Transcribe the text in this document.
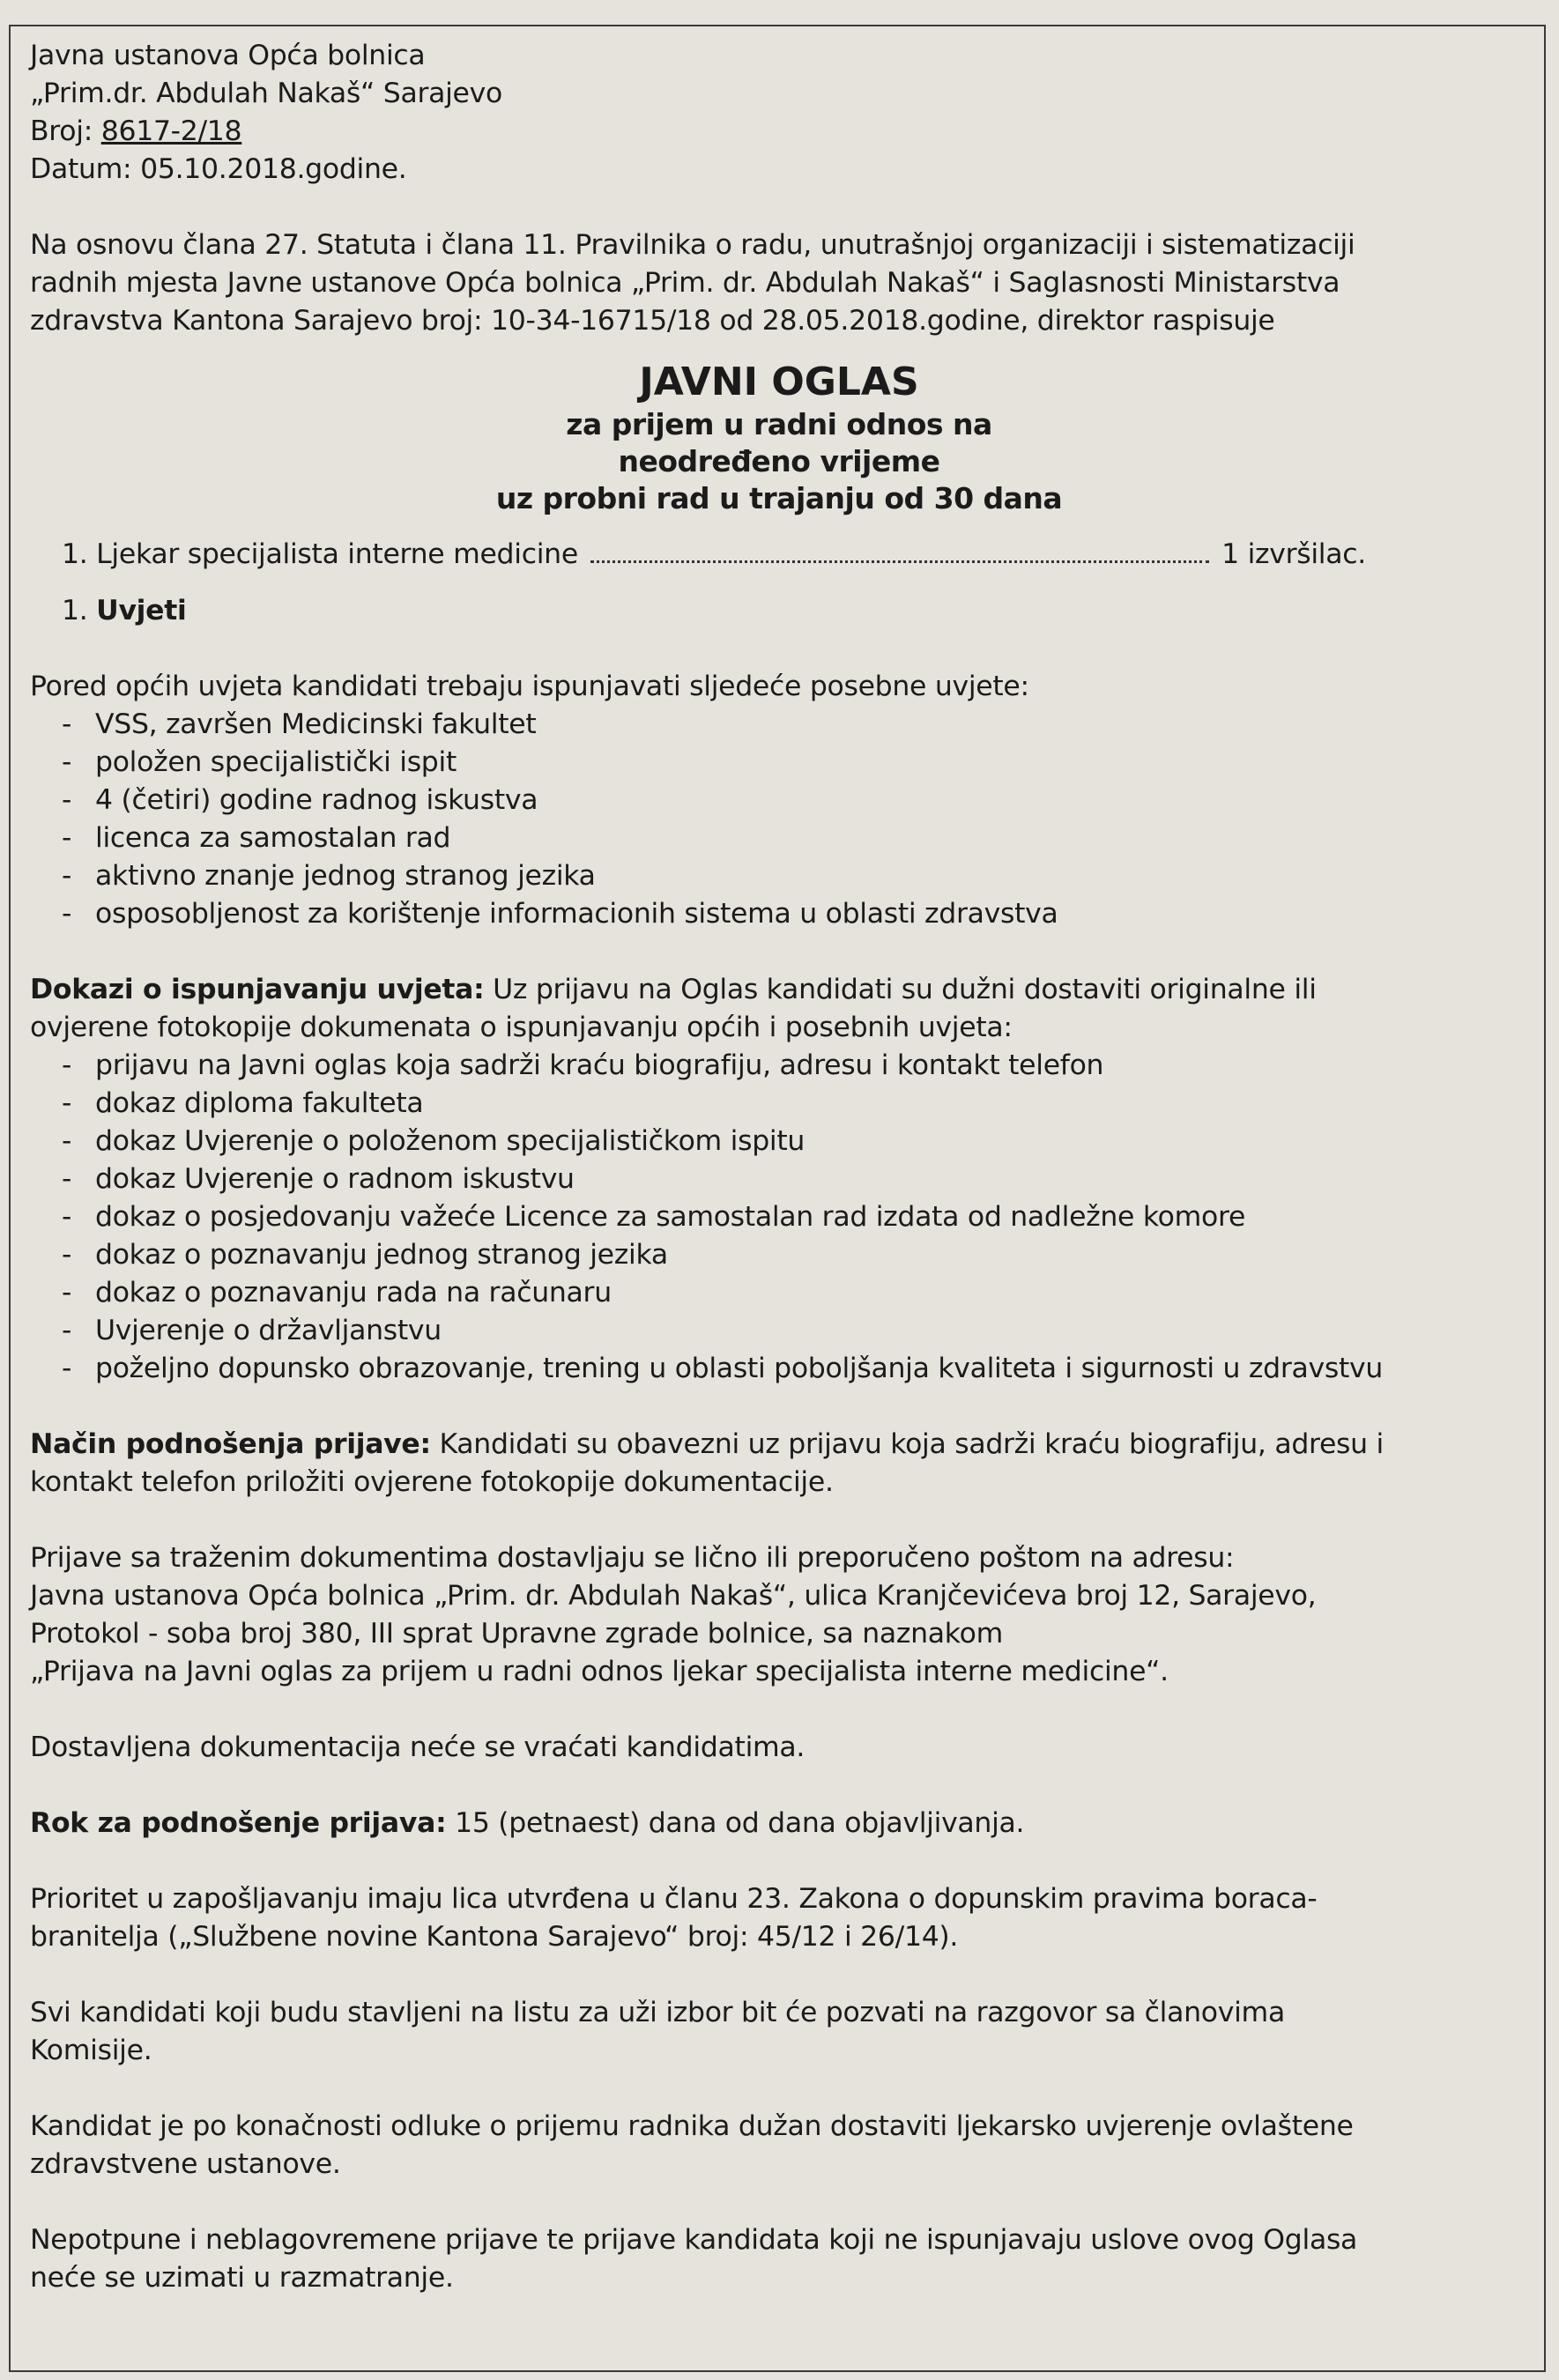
Javna ustanova Opća bolnica
„Prim.dr. Abdulah Nakaš“ Sarajevo
Broj: 8617-2/18
Datum: 05.10.2018.godine.
Na osnovu člana 27. Statuta i člana 11. Pravilnika o radu, unutrašnjoj organizaciji i sistematizaciji
radnih mjesta Javne ustanove Opća bolnica „Prim. dr. Abdulah Nakaš“ i Saglasnosti Ministarstva
zdravstva Kantona Sarajevo broj: 10-34-16715/18 od 28.05.2018.godine, direktor raspisuje
JAVNI OGLAS
za prijem u radni odnos na
neodređeno vrijeme
uz probni rad u trajanju od 30 dana
1. Ljekar specijalista interne medicine	1 izvršilac.
1. Uvjeti
Pored općih uvjeta kandidati trebaju ispunjavati sljedeće posebne uvjete:
- VSS, završen Medicinski fakultet
- položen specijalistički ispit
- 4 (četiri) godine radnog iskustva
- licenca za samostalan rad
- aktivno znanje jednog stranog jezika
- osposobljenost za korištenje informacionih sistema u oblasti zdravstva
Dokazi o ispunjavanju uvjeta: Uz prijavu na Oglas kandidati su dužni dostaviti originalne ili
ovjerene fotokopije dokumenata o ispunjavanju općih i posebnih uvjeta:
- prijavu na Javni oglas koja sadrži kraću biografiju, adresu i kontakt telefon
- dokaz diploma fakulteta
- dokaz Uvjerenje o položenom specijalističkom ispitu
- dokaz Uvjerenje o radnom iskustvu
- dokaz o posjedovanju važeće Licence za samostalan rad izdata od nadležne komore
- dokaz o poznavanju jednog stranog jezika
- dokaz o poznavanju rada na računaru
- Uvjerenje o državljanstvu
- poželjno dopunsko obrazovanje, trening u oblasti poboljšanja kvaliteta i sigurnosti u zdravstvu
Način podnošenja prijave: Kandidati su obavezni uz prijavu koja sadrži kraću biografiju, adresu i
kontakt telefon priložiti ovjerene fotokopije dokumentacije.
Prijave sa traženim dokumentima dostavljaju se lično ili preporučeno poštom na adresu:
Javna ustanova Opća bolnica „Prim. dr. Abdulah Nakaš“, ulica Kranjčevićeva broj 12, Sarajevo,
Protokol - soba broj 380, III sprat Upravne zgrade bolnice, sa naznakom
„Prijava na Javni oglas za prijem u radni odnos ljekar specijalista interne medicine“.
Dostavljena dokumentacija neće se vraćati kandidatima.
Rok za podnošenje prijava: 15 (petnaest) dana od dana objavljivanja.
Prioritet u zapošljavanju imaju lica utvrđena u članu 23. Zakona o dopunskim pravima boraca-
branitelja („Službene novine Kantona Sarajevo“ broj: 45/12 i 26/14).
Svi kandidati koji budu stavljeni na listu za uži izbor bit će pozvati na razgovor sa članovima
Komisije.
Kandidat je po konačnosti odluke o prijemu radnika dužan dostaviti ljekarsko uvjerenje ovlaštene
zdravstvene ustanove.
Nepotpune i neblagovremene prijave te prijave kandidata koji ne ispunjavaju uslove ovog Oglasa
neće se uzimati u razmatranje.
